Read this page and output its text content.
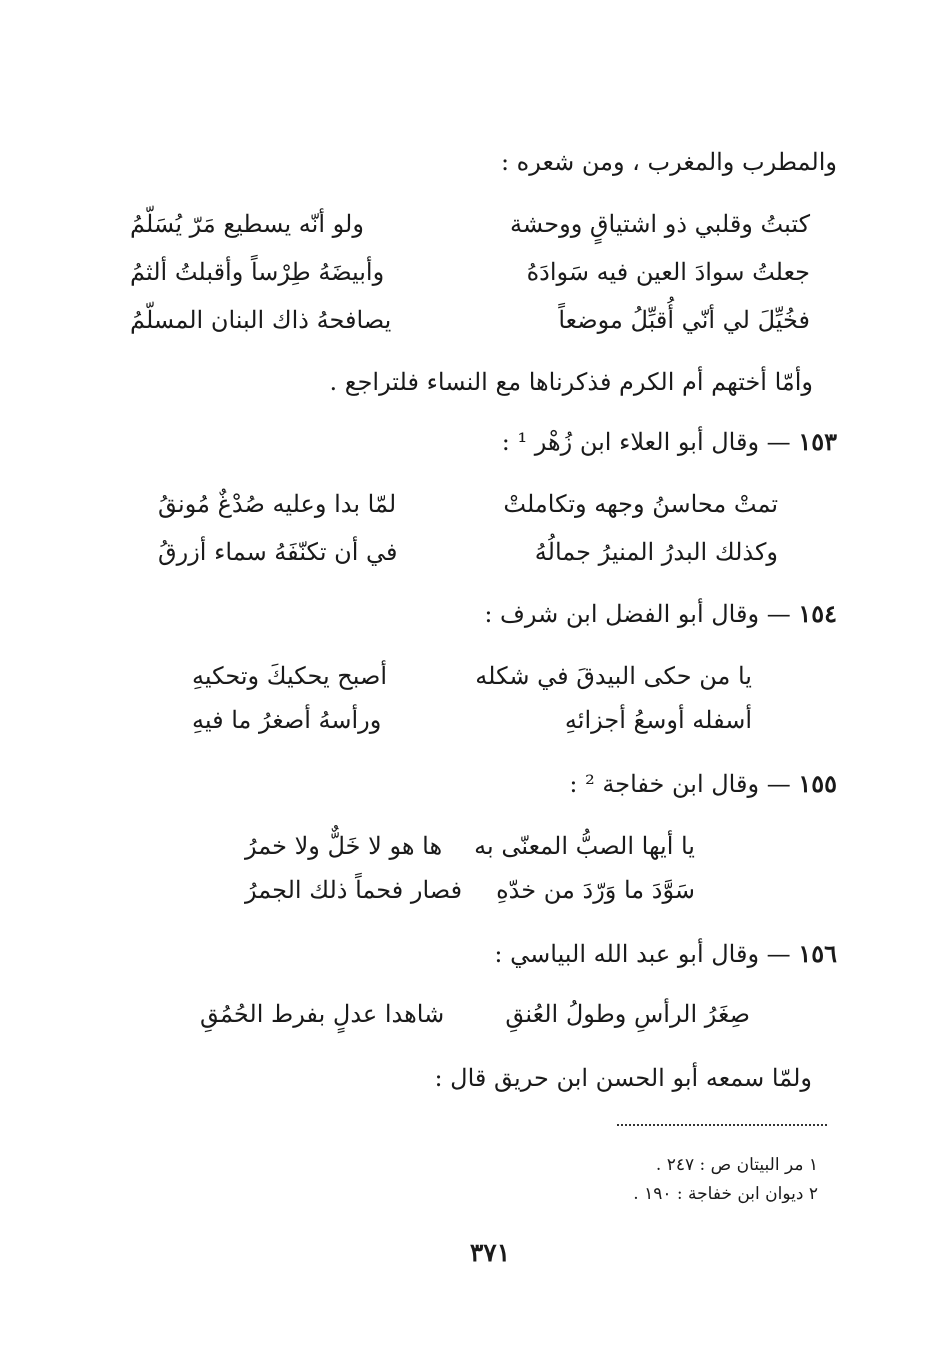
والمطرب والمغرب ، ومن شعره :
كتبتُ وقلبي ذو اشتياقٍ ووحشة
ولو أنّه يسطيع مَرّ يُسَلّمُ
جعلتُ سوادَ العين فيه سَوادَهُ
وأبيضَهُ طِرْساً وأقبلتُ ألثمُ
فخُيِّلَ لي أنّي أُقبِّلُ موضعاً
يصافحهُ ذاك البنان المسلّمُ
وأمّا أختهم أم الكرم فذكرناها مع النساء فلتراجع .
١٥٣ — وقال أبو العلاء ابن زُهْر ¹ :
تمتْ محاسنُ وجهه وتكاملتْ
لمّا بدا وعليه صُدْغٌ مُونقُ
وكذلك البدرُ المنيرُ جمالُهُ
في أن تكنّفَهُ سماء أزرقُ
١٥٤ — وقال أبو الفضل ابن شرف :
يا من حكى البيدقَ في شكله
أصبح يحكيكَ وتحكيهِ
أسفله أوسعُ أجزائهِ
ورأسهُ أصغرُ ما فيهِ
١٥٥ — وقال ابن خفاجة ² :
يا أيها الصبُّ المعنّى به
ها هو لا خَلٌّ ولا خمرُ
سَوَّدَ ما وَرّدَ من خدّهِ
فصار فحماً ذلك الجمرُ
١٥٦ — وقال أبو عبد الله البياسي :
صِغَرُ الرأسِ وطولُ العُنقِ
شاهدا عدلٍ بفرط الحُمُقِ
ولمّا سمعه أبو الحسن ابن حريق قال :
١ مر البيتان ص : ٢٤٧ .
٢ ديوان ابن خفاجة : ١٩٠ .
٣٧١
